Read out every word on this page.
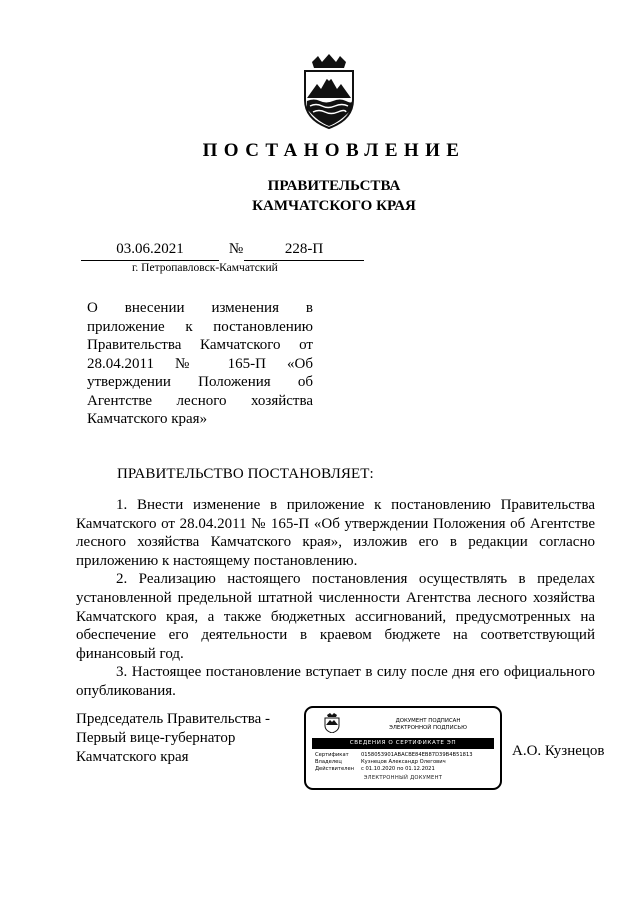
ПОСТАНОВЛЕНИЕ
ПРАВИТЕЛЬСТВА
КАМЧАТСКОГО КРАЯ
03.06.2021	№	228-П
г. Петропавловск-Камчатский
О внесении изменения в приложение к постановлению Правительства Камчатского от 28.04.2011 № 165-П «Об утверждении Положения об Агентстве лесного хозяйства Камчатского края»
ПРАВИТЕЛЬСТВО ПОСТАНОВЛЯЕТ:

1. Внести изменение в приложение к постановлению Правительства Камчатского от 28.04.2011 № 165-П «Об утверждении Положения об Агентстве лесного хозяйства Камчатского края», изложив его в редакции согласно приложению к настоящему постановлению.

2. Реализацию настоящего постановления осуществлять в пределах установленной предельной штатной численности Агентства лесного хозяйства Камчатского края, а также бюджетных ассигнований, предусмотренных на обеспечение его деятельности в краевом бюджете на соответствующий финансовый год.

3. Настоящее постановление вступает в силу после дня его официального опубликования.

Председатель Правительства -
Первый вице-губернатор
Камчатского края
ДОКУМЕНТ ПОДПИСАН
ЭЛЕКТРОННОЙ ПОДПИСЬЮ
СВЕДЕНИЯ О СЕРТИФИКАТЕ ЭП
Сертификат 0158053901ABACBE84EB87D39B4B51813
Владелец	Кузнецов Александр Олегович
Действителен с 01.10.2020 по 01.12.2021
ЭЛЕКТРОННЫЙ ДОКУМЕНТ
А.О. Кузнецов
